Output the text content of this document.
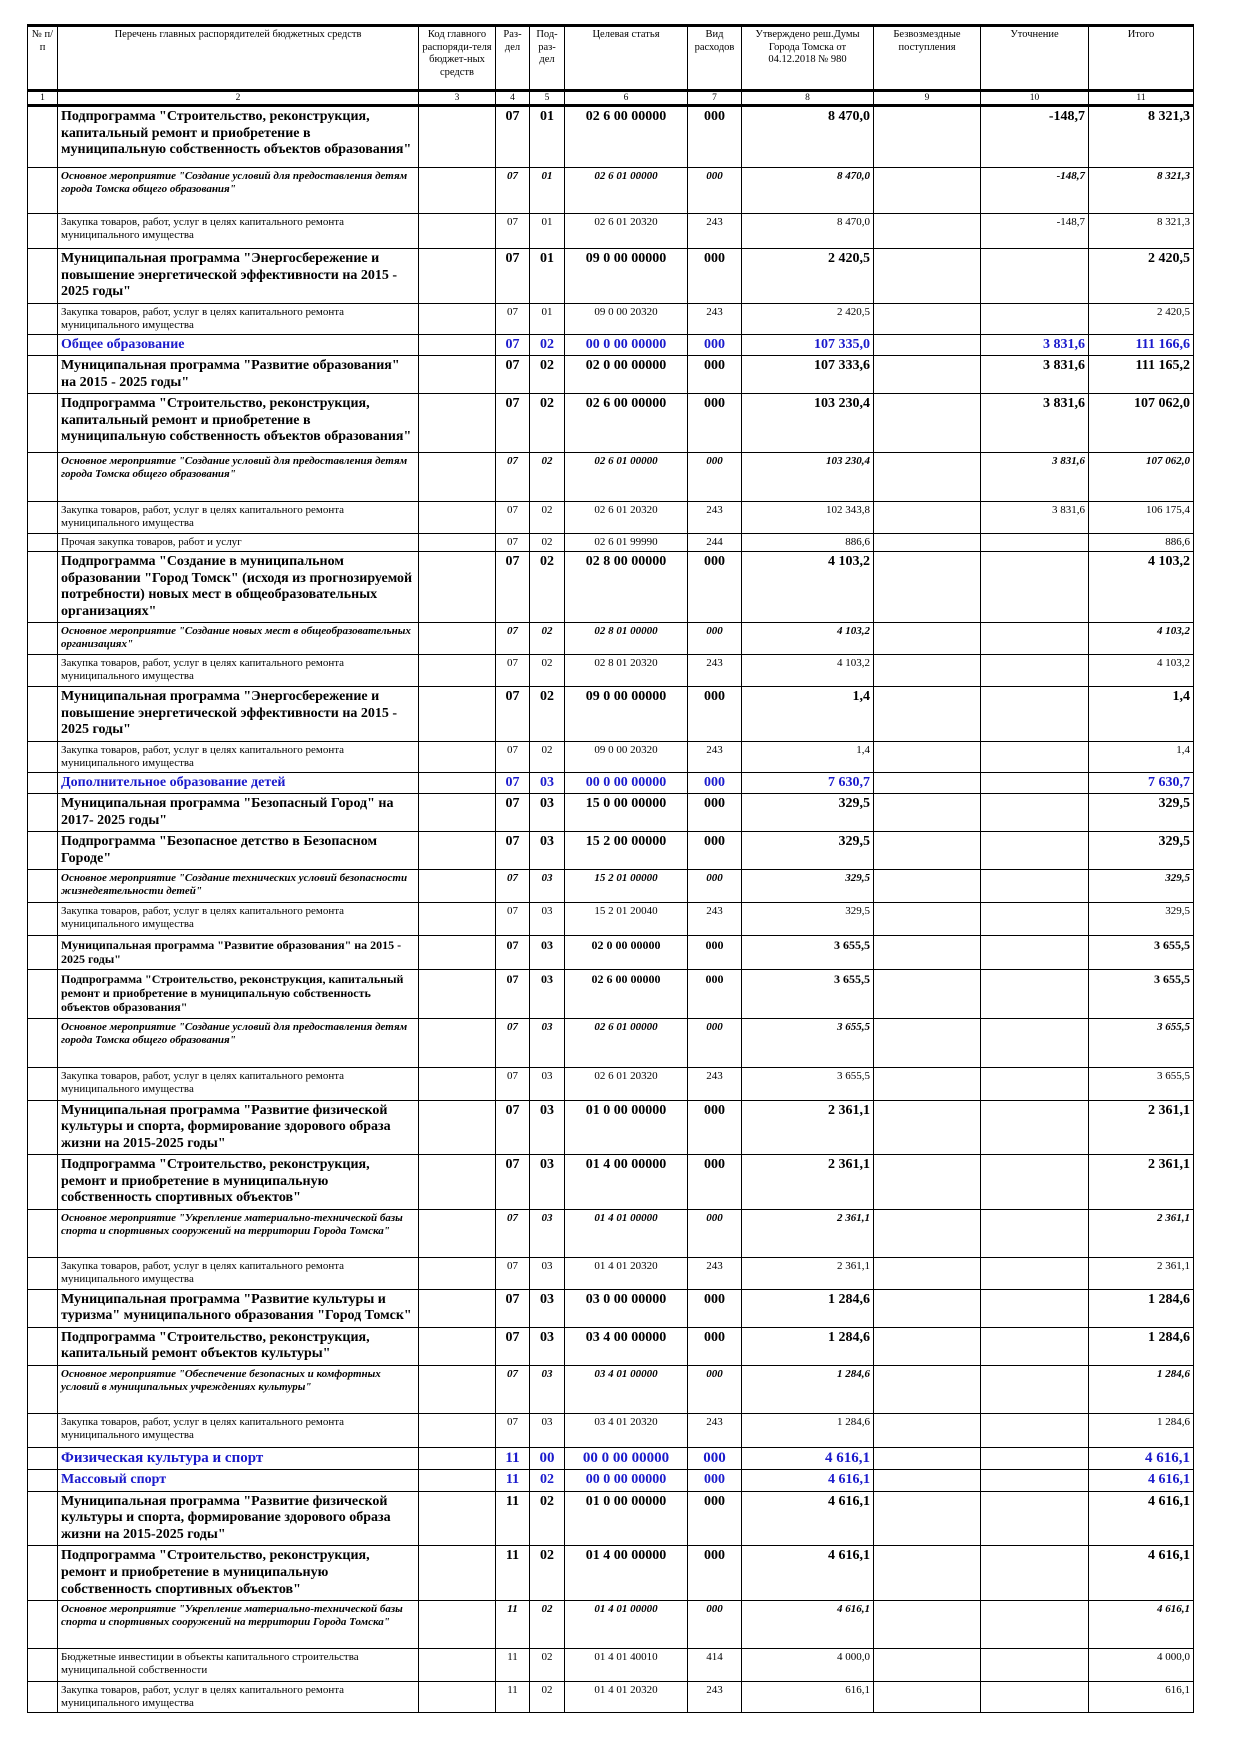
№ п/п	Перечень главных распорядителей бюджетных средств	Код главного распоряди-теля бюджет-ных средств	Раз-дел	Под-раз-дел	Целевая статья	Вид расходов	Утверждено реш.Думы Города Томска от 04.12.2018 № 980	Безвозмездные поступления	Уточнение	Итого
1	2	3	4	5	6	7	8	9	10	11
	Подпрограмма "Строительство, реконструкция, капитальный ремонт и приобретение в муниципальную собственность объектов образования"		07	01	02 6 00 00000	000	8 470,0		-148,7	8 321,3
	Основное мероприятие "Создание условий для предоставления детям города Томска общего образования"		07	01	02 6 01 00000	000	8 470,0		-148,7	8 321,3
	Закупка товаров, работ, услуг в целях капитального ремонта муниципального имущества		07	01	02 6 01 20320	243	8 470,0		-148,7	8 321,3
	Муниципальная программа "Энергосбережение и повышение энергетической эффективности на 2015 - 2025 годы"		07	01	09 0 00 00000	000	2 420,5			2 420,5
	Закупка товаров, работ, услуг в целях капитального ремонта муниципального имущества		07	01	09 0 00 20320	243	2 420,5			2 420,5
	Общее образование		07	02	00 0 00 00000	000	107 335,0		3 831,6	111 166,6
	Муниципальная программа "Развитие образования" на 2015 - 2025 годы"		07	02	02 0 00 00000	000	107 333,6		3 831,6	111 165,2
	Подпрограмма "Строительство, реконструкция, капитальный ремонт и приобретение в муниципальную собственность объектов образования"		07	02	02 6 00 00000	000	103 230,4		3 831,6	107 062,0
	Основное мероприятие "Создание условий для предоставления детям города Томска общего образования"		07	02	02 6 01 00000	000	103 230,4		3 831,6	107 062,0
	Закупка товаров, работ, услуг в целях капитального ремонта муниципального имущества		07	02	02 6 01 20320	243	102 343,8		3 831,6	106 175,4
	Прочая закупка товаров, работ и услуг		07	02	02 6 01 99990	244	886,6			886,6
	Подпрограмма "Создание в муниципальном образовании "Город Томск" (исходя из прогнозируемой потребности) новых мест в общеобразовательных организациях"		07	02	02 8 00 00000	000	4 103,2			4 103,2
	Основное мероприятие "Создание новых мест в общеобразовательных организациях"		07	02	02 8 01 00000	000	4 103,2			4 103,2
	Закупка товаров, работ, услуг в целях капитального ремонта муниципального имущества		07	02	02 8 01 20320	243	4 103,2			4 103,2
	Муниципальная программа "Энергосбережение и повышение энергетической эффективности на 2015 - 2025 годы"		07	02	09 0 00 00000	000	1,4			1,4
	Закупка товаров, работ, услуг в целях капитального ремонта муниципального имущества		07	02	09 0 00 20320	243	1,4			1,4
	Дополнительное образование детей		07	03	00 0 00 00000	000	7 630,7			7 630,7
	Муниципальная программа "Безопасный Город" на 2017- 2025 годы"		07	03	15 0 00 00000	000	329,5			329,5
	Подпрограмма "Безопасное детство в Безопасном Городе"		07	03	15 2 00 00000	000	329,5			329,5
	Основное мероприятие "Создание технических условий безопасности жизнедеятельности детей"		07	03	15 2 01 00000	000	329,5			329,5
	Закупка товаров, работ, услуг в целях капитального ремонта муниципального имущества		07	03	15 2 01 20040	243	329,5			329,5
	Муниципальная программа "Развитие образования" на 2015 - 2025 годы"		07	03	02 0 00 00000	000	3 655,5			3 655,5
	Подпрограмма "Строительство, реконструкция, капитальный ремонт и приобретение в муниципальную собственность объектов образования"		07	03	02 6 00 00000	000	3 655,5			3 655,5
	Основное мероприятие "Создание условий для предоставления детям города Томска общего образования"		07	03	02 6 01 00000	000	3 655,5			3 655,5
	Закупка товаров, работ, услуг в целях капитального ремонта муниципального имущества		07	03	02 6 01 20320	243	3 655,5			3 655,5
	Муниципальная программа "Развитие физической культуры и спорта, формирование здорового образа жизни на 2015-2025 годы"		07	03	01 0 00 00000	000	2 361,1			2 361,1
	Подпрограмма "Строительство, реконструкция, ремонт и приобретение в муниципальную собственность спортивных объектов"		07	03	01 4 00 00000	000	2 361,1			2 361,1
	Основное мероприятие "Укрепление материально-технической базы спорта и спортивных сооружений на территории Города Томска"		07	03	01 4 01 00000	000	2 361,1			2 361,1
	Закупка товаров, работ, услуг в целях капитального ремонта муниципального имущества		07	03	01 4 01 20320	243	2 361,1			2 361,1
	Муниципальная программа "Развитие культуры и туризма" муниципального образования "Город Томск"		07	03	03 0 00 00000	000	1 284,6			1 284,6
	Подпрограмма "Строительство, реконструкция, капитальный ремонт объектов культуры"		07	03	03 4 00 00000	000	1 284,6			1 284,6
	Основное мероприятие "Обеспечение безопасных и комфортных условий в муниципальных учреждениях культуры"		07	03	03 4 01 00000	000	1 284,6			1 284,6
	Закупка товаров, работ, услуг в целях капитального ремонта муниципального имущества		07	03	03 4 01 20320	243	1 284,6			1 284,6
	Физическая культура и спорт		11	00	00 0 00 00000	000	4 616,1			4 616,1
	Массовый спорт		11	02	00 0 00 00000	000	4 616,1			4 616,1
	Муниципальная программа "Развитие физической культуры и спорта, формирование здорового образа жизни на 2015-2025 годы"		11	02	01 0 00 00000	000	4 616,1			4 616,1
	Подпрограмма "Строительство, реконструкция, ремонт и приобретение в муниципальную собственность спортивных объектов"		11	02	01 4 00 00000	000	4 616,1			4 616,1
	Основное мероприятие "Укрепление материально-технической базы спорта и спортивных сооружений на территории Города Томска"		11	02	01 4 01 00000	000	4 616,1			4 616,1
	Бюджетные инвестиции в объекты капитального строительства муниципальной собственности		11	02	01 4 01 40010	414	4 000,0			4 000,0
	Закупка товаров, работ, услуг в целях капитального ремонта муниципального имущества		11	02	01 4 01 20320	243	616,1			616,1
